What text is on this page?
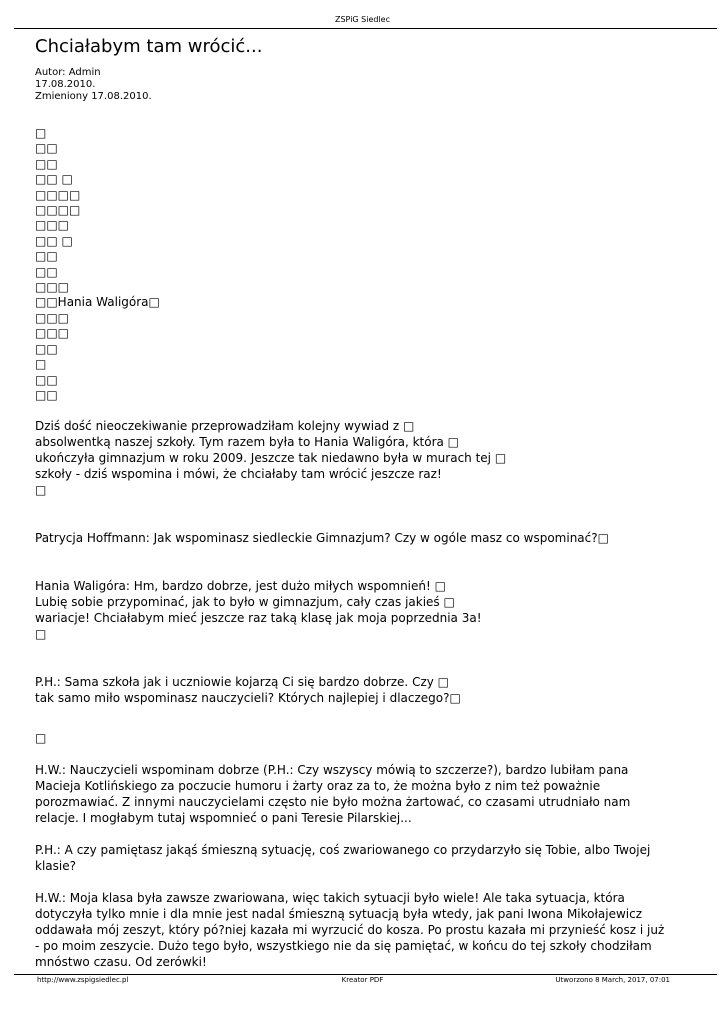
ZSPiG Siedlec
Chciałabym tam wrócić...
Autor: Admin
17.08.2010.
Zmieniony 17.08.2010.
□
□□
□□
□□ □
□□□□
□□□□
□□□
□□ □
□□
□□
□□□
□□Hania Waligóra□
□□□
□□□
□□
□
□□
□□

Dziś dość nieoczekiwanie przeprowadziłam kolejny wywiad z □
absolwentką naszej szkoły. Tym razem była to Hania Waligóra, która □
ukończyła gimnazjum w roku 2009. Jeszcze tak niedawno była w murach tej □
szkoły - dziś wspomina i mówi, że chciałaby tam wrócić jeszcze raz!
□

Patrycja Hoffmann: Jak wspominasz siedleckie Gimnazjum? Czy w ogóle masz co wspominać?□

Hania Waligóra: Hm, bardzo dobrze, jest dużo miłych wspomnień! □
Lubię sobie przypominać, jak to było w gimnazjum, cały czas jakieś □
wariacje! Chciałabym mieć jeszcze raz taką klasę jak moja poprzednia 3a!
□

P.H.: Sama szkoła jak i uczniowie kojarzą Ci się bardzo dobrze. Czy □
tak samo miło wspominasz nauczycieli? Których najlepiej i dlaczego?□

□

H.W.: Nauczycieli wspominam dobrze (P.H.: Czy wszyscy mówią to szczerze?), bardzo lubiłam pana
Macieja Kotlińskiego za poczucie humoru i żarty oraz za to, że można było z nim też poważnie
porozmawiać. Z innymi nauczycielami często nie było można żartować, co czasami utrudniało nam
relacje. I mogłabym tutaj wspomnieć o pani Teresie Pilarskiej...

P.H.: A czy pamiętasz jakąś śmieszną sytuację, coś zwariowanego co przydarzyło się Tobie, albo Twojej
klasie?

H.W.: Moja klasa była zawsze zwariowana, więc takich sytuacji było wiele! Ale taka sytuacja, która
dotyczyła tylko mnie i dla mnie jest nadal śmieszną sytuacją była wtedy, jak pani Iwona Mikołajewicz
oddawała mój zeszyt, który pó?niej kazała mi wyrzucić do kosza. Po prostu kazała mi przynieść kosz i już
- po moim zeszycie. Dużo tego było, wszystkiego nie da się pamiętać, w końcu do tej szkoły chodziłam
mnóstwo czasu. Od zerówki!

http://www.zspigsiedlec.pl	Kreator PDF	Utworzono 8 March, 2017, 07:01
